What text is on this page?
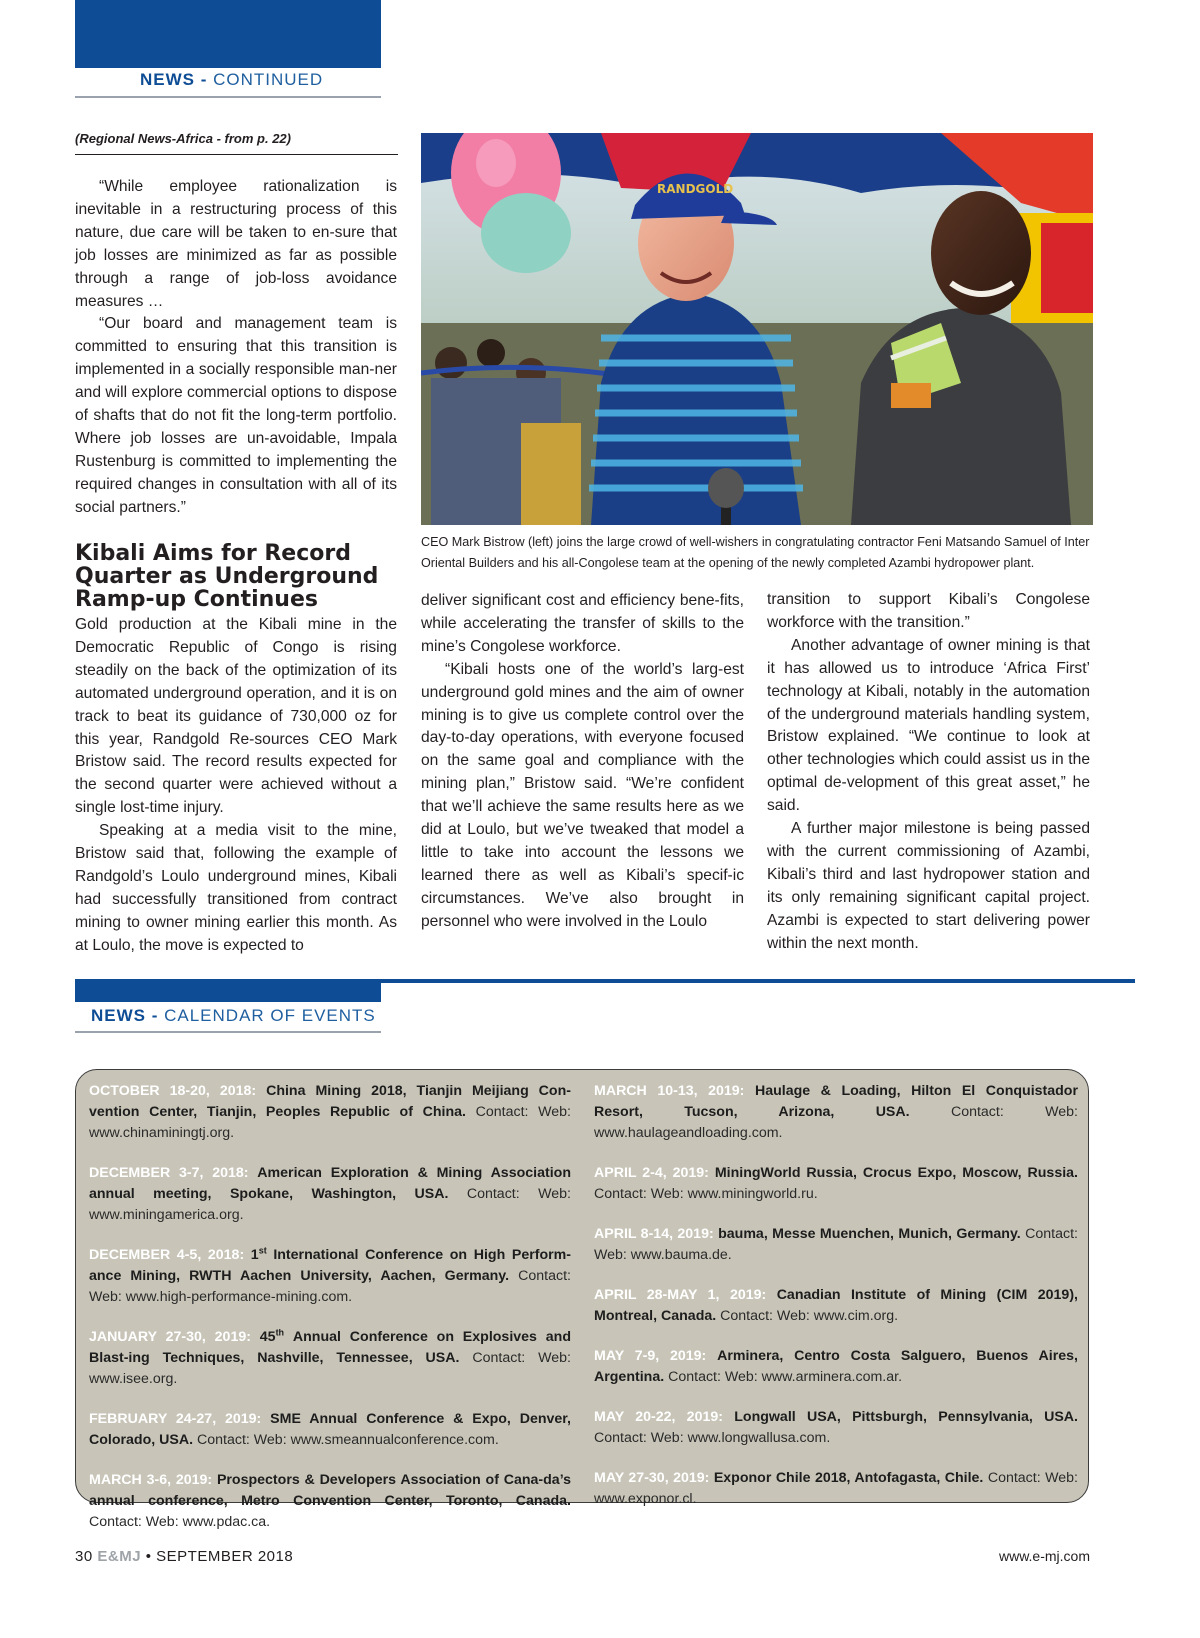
NEWS - CONTINUED
(Regional News-Africa - from p. 22)

“While employee rationalization is inevitable in a restructuring process of this nature, due care will be taken to en-sure that job losses are minimized as far as possible through a range of job-loss avoidance measures …

“Our board and management team is committed to ensuring that this transition is implemented in a socially responsible man-ner and will explore commercial options to dispose of shafts that do not fit the long-term portfolio. Where job losses are un-avoidable, Impala Rustenburg is committed to implementing the required changes in consultation with all of its social partners.”

Kibali Aims for Record Quarter as Underground Ramp-up Continues

Gold production at the Kibali mine in the Democratic Republic of Congo is rising steadily on the back of the optimization of its automated underground operation, and it is on track to beat its guidance of 730,000 oz for this year, Randgold Re-sources CEO Mark Bristow said. The record results expected for the second quarter were achieved without a single lost-time injury.

Speaking at a media visit to the mine, Bristow said that, following the example of Randgold’s Loulo underground mines, Kibali had successfully transitioned from contract mining to owner mining earlier this month. As at Loulo, the move is expected to

RANDGOLD
CEO Mark Bistrow (left) joins the large crowd of well-wishers in congratulating contractor Feni Matsando Samuel of Inter Oriental Builders and his all-Congolese team at the opening of the newly completed Azambi hydropower plant.

deliver significant cost and efficiency bene-fits, while accelerating the transfer of skills to the mine’s Congolese workforce.

“Kibali hosts one of the world’s larg-est underground gold mines and the aim of owner mining is to give us complete control over the day-to-day operations, with everyone focused on the same goal and compliance with the mining plan,” Bristow said. “We’re confident that we’ll achieve the same results here as we did at Loulo, but we’ve tweaked that model a little to take into account the lessons we learned there as well as Kibali’s specif-ic circumstances. We’ve also brought in personnel who were involved in the Loulo

transition to support Kibali’s Congolese workforce with the transition.”

Another advantage of owner mining is that it has allowed us to introduce ‘Africa First’ technology at Kibali, notably in the automation of the underground materials handling system, Bristow explained. “We continue to look at other technologies which could assist us in the optimal de-velopment of this great asset,” he said.

A further major milestone is being passed with the current commissioning of Azambi, Kibali’s third and last hydropower station and its only remaining significant capital project. Azambi is expected to start delivering power within the next month.

NEWS - CALENDAR OF EVENTS

OCTOBER 18-20, 2018: China Mining 2018, Tianjin Meijiang Con-vention Center, Tianjin, Peoples Republic of China. Contact: Web: www.chinaminingtj.org.

DECEMBER 3-7, 2018: American Exploration & Mining Association annual meeting, Spokane, Washington, USA. Contact: Web: www.miningamerica.org.

DECEMBER 4-5, 2018: 1st International Conference on High Perform-ance Mining, RWTH Aachen University, Aachen, Germany. Contact: Web: www.high-performance-mining.com.

JANUARY 27-30, 2019: 45th Annual Conference on Explosives and Blast-ing Techniques, Nashville, Tennessee, USA. Contact: Web: www.isee.org.

FEBRUARY 24-27, 2019: SME Annual Conference & Expo, Denver, Colorado, USA. Contact: Web: www.smeannualconference.com.

MARCH 3-6, 2019: Prospectors & Developers Association of Cana-da’s annual conference, Metro Convention Center, Toronto, Canada. Contact: Web: www.pdac.ca.

MARCH 10-13, 2019: Haulage & Loading, Hilton El Conquistador Resort, Tucson, Arizona, USA.	Contact: Web: www.haulageandloading.com.

APRIL 2-4, 2019: MiningWorld Russia, Crocus Expo, Moscow, Russia. Contact: Web: www.miningworld.ru.

APRIL 8-14, 2019: bauma, Messe Muenchen, Munich, Germany. Contact: Web: www.bauma.de.

APRIL 28-MAY 1, 2019: Canadian Institute of Mining (CIM 2019), Montreal, Canada. Contact: Web: www.cim.org.

MAY 7-9, 2019: Arminera, Centro Costa Salguero, Buenos Aires, Argentina. Contact: Web: www.arminera.com.ar.

MAY 20-22, 2019: Longwall USA, Pittsburgh, Pennsylvania, USA. Contact: Web: www.longwallusa.com.

MAY 27-30, 2019: Exponor Chile 2018, Antofagasta, Chile. Contact: Web: www.exponor.cl.

30 E&MJ • SEPTEMBER 2018	www.e-mj.com
